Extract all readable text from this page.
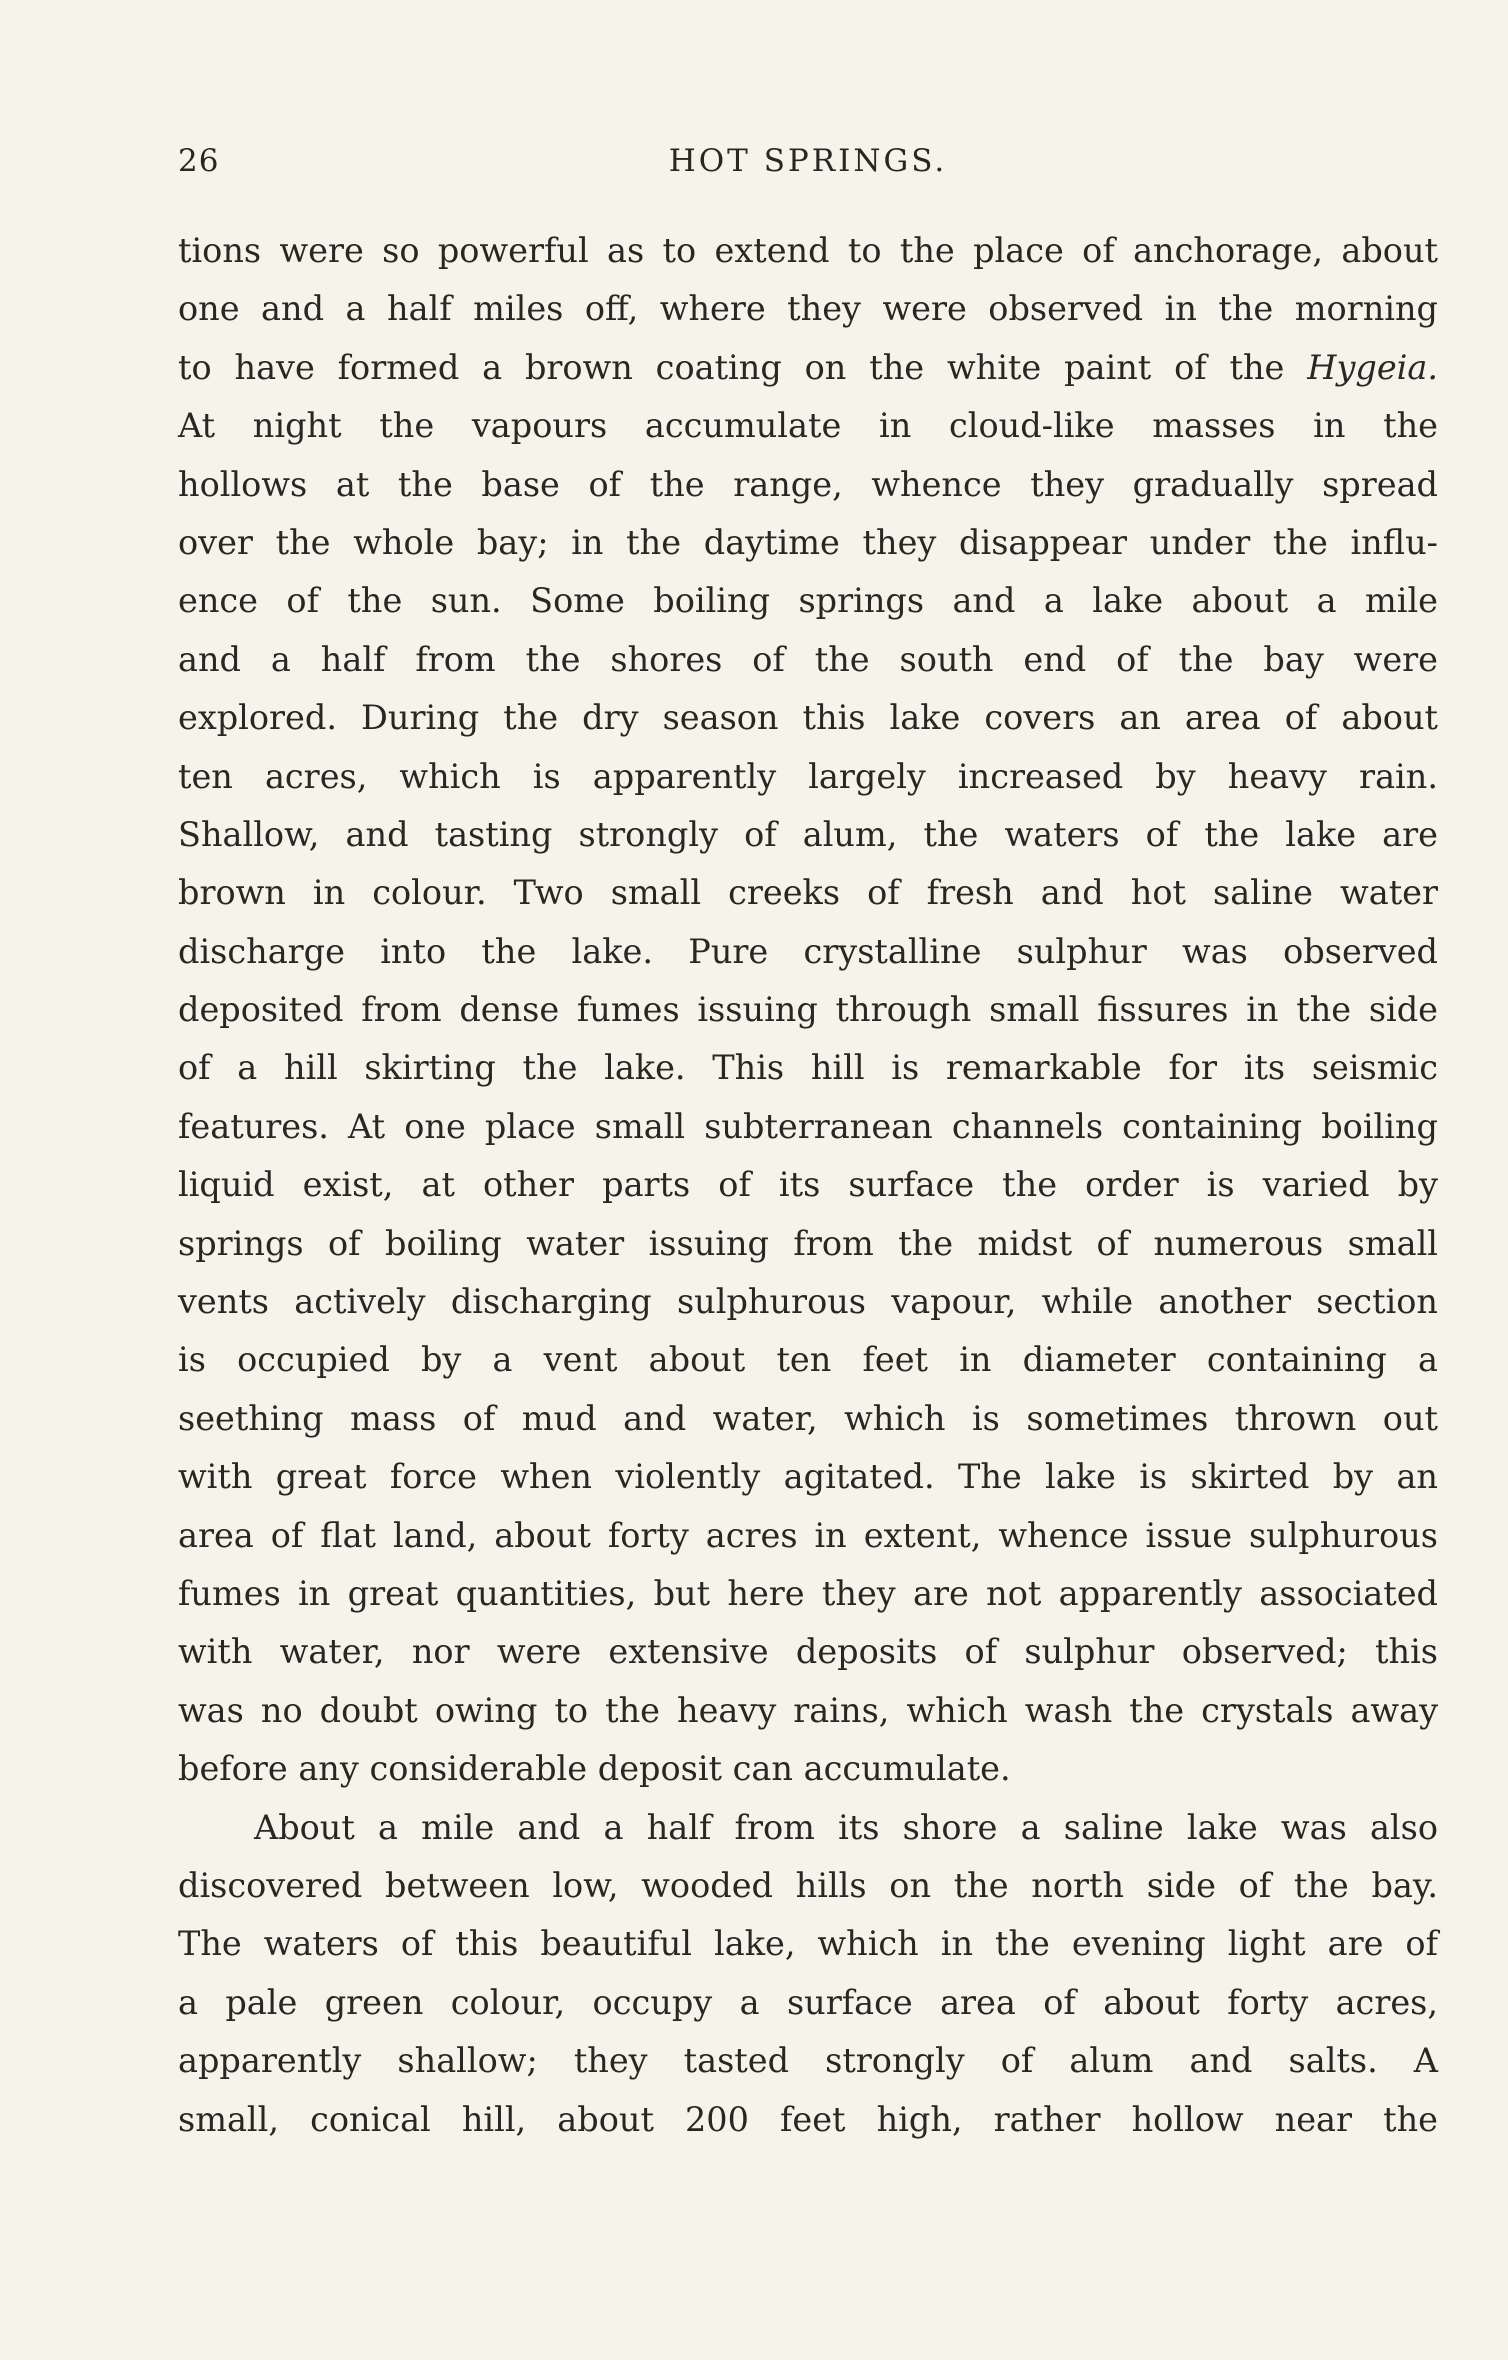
26	HOT SPRINGS.
tions were so powerful as to extend to the place of anchorage, about
one and a half miles off, where they were observed in the morning
to have formed a brown coating on the white paint of the Hygeia.
At night the vapours accumulate in cloud-like masses in the
hollows at the base of the range, whence they gradually spread
over the whole bay; in the daytime they disappear under the influ-
ence of the sun. Some boiling springs and a lake about a mile
and a half from the shores of the south end of the bay were
explored. During the dry season this lake covers an area of about
ten acres, which is apparently largely increased by heavy rain.
Shallow, and tasting strongly of alum, the waters of the lake are
brown in colour. Two small creeks of fresh and hot saline water
discharge into the lake. Pure crystalline sulphur was observed
deposited from dense fumes issuing through small fissures in the side
of a hill skirting the lake. This hill is remarkable for its seismic
features. At one place small subterranean channels containing boiling
liquid exist, at other parts of its surface the order is varied by
springs of boiling water issuing from the midst of numerous small
vents actively discharging sulphurous vapour, while another section
is occupied by a vent about ten feet in diameter containing a
seething mass of mud and water, which is sometimes thrown out
with great force when violently agitated. The lake is skirted by an
area of flat land, about forty acres in extent, whence issue sulphurous
fumes in great quantities, but here they are not apparently associated
with water, nor were extensive deposits of sulphur observed; this
was no doubt owing to the heavy rains, which wash the crystals away
before any considerable deposit can accumulate.
About a mile and a half from its shore a saline lake was also
discovered between low, wooded hills on the north side of the bay.
The waters of this beautiful lake, which in the evening light are of
a pale green colour, occupy a surface area of about forty acres,
apparently shallow; they tasted strongly of alum and salts. A
small, conical hill, about 200 feet high, rather hollow near the
